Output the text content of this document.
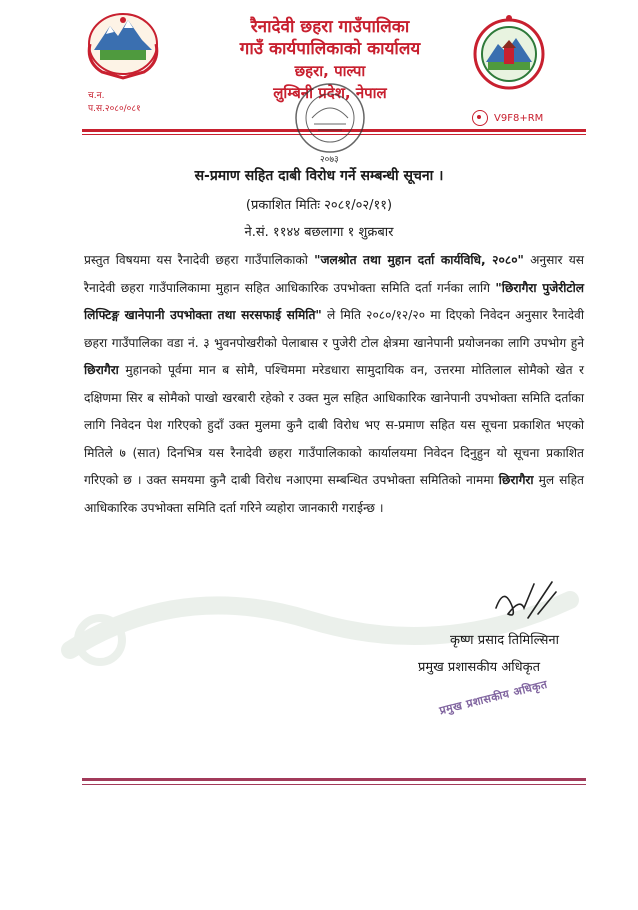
रैनादेवी छहरा गाउँपालिका
गाउँ कार्यपालिकाको कार्यालय
छहरा, पाल्पा
लुम्बिनी प्रदेश, नेपाल
च.न.
प.स.२०८०/०८१
V9F8+RM
२०७३
स-प्रमाण सहित दाबी विरोध गर्ने सम्बन्धी सूचना ।
(प्रकाशित मितिः २०८१/०२/११)
ने.सं. ११४४ बछलागा १ शुक्रबार
प्रस्तुत विषयमा यस रैनादेवी छहरा गाउँपालिकाको "जलश्रोत तथा मुहान दर्ता कार्यविधि, २०८०" अनुसार यस रैनादेवी छहरा गाउँपालिकामा मुहान सहित आधिकारिक उपभोक्ता समिति दर्ता गर्नका लागि "छिरागैरा पुजेरीटोल लिफ्टिङ्ग खानेपानी उपभोक्ता तथा सरसफाई समिति" ले मिति २०८०/१२/२० मा दिएको निवेदन अनुसार रैनादेवी छहरा गाउँपालिका वडा नं. ३ भुवनपोखरीको पेलाबास र पुजेरी टोल क्षेत्रमा खानेपानी प्रयोजनका लागि उपभोग हुने छिरागैरा मुहानको पूर्वमा मान ब सोमै, पश्चिममा मरेडधारा सामुदायिक वन, उत्तरमा मोतिलाल सोमैको खेत र दक्षिणमा सिर ब सोमैको पाखो खरबारी रहेको र उक्त मुल सहित आधिकारिक खानेपानी उपभोक्ता समिति दर्ताका लागि निवेदन पेश गरिएको हुदाँ उक्त मुलमा कुनै दाबी विरोध भए स-प्रमाण सहित यस सूचना प्रकाशित भएको मितिले ७ (सात) दिनभित्र यस रैनादेवी छहरा गाउँपालिकाको कार्यालयमा निवेदन दिनुहुन यो सूचना प्रकाशित गरिएको छ । उक्त समयमा कुनै दाबी विरोध नआएमा सम्बन्धित उपभोक्ता समितिको नाममा छिरागैरा मुल सहित आधिकारिक उपभोक्ता समिति दर्ता गरिने व्यहोरा जानकारी गराईन्छ ।
कृष्ण प्रसाद तिमिल्सिना
प्रमुख प्रशासकीय अधिकृत
प्रमुख प्रशासकीय अधिकृत
